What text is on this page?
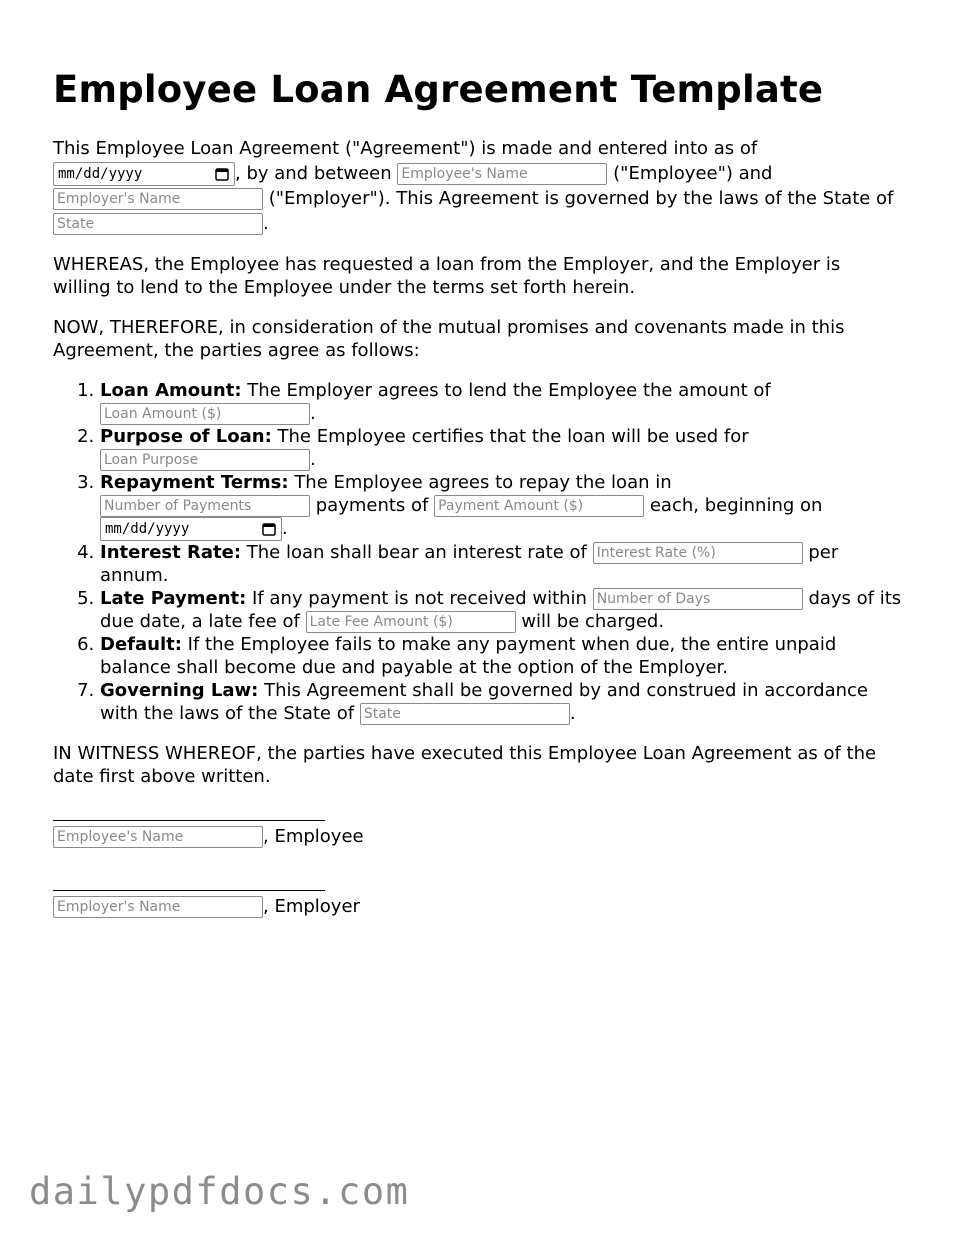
Employee Loan Agreement Template

This Employee Loan Agreement ("Agreement") is made and entered into as of
mm/dd/yyyy	, by and between Employee's Name	("Employee") and
Employer's Name ("Employer"). This Agreement is governed by the laws of the State of State.

WHEREAS, the Employee has requested a loan from the Employer, and the Employer is willing to lend to the Employee under the terms set forth herein.

NOW, THEREFORE, in consideration of the mutual promises and covenants made in this Agreement, the parties agree as follows:

1. Loan Amount: The Employer agrees to lend the Employee the amount of
Loan Amount ($).
2. Purpose of Loan: The Employee certifies that the loan will be used for
Loan Purpose.
3. Repayment Terms: The Employee agrees to repay the loan in
Number of Payments payments of Payment Amount ($)	each, beginning on
mm/dd/yyyy	.
4. Interest Rate: The loan shall bear an interest rate of Interest Rate (%)	per annum.
5. Late Payment: If any payment is not received within Number of Days	days of its due date, a late fee of Late Fee Amount ($)	will be charged.
6. Default: If the Employee fails to make any payment when due, the entire unpaid balance shall become due and payable at the option of the Employer.
7. Governing Law: This Agreement shall be governed by and construed in accordance with the laws of the State of State	.

IN WITNESS WHEREOF, the parties have executed this Employee Loan Agreement as of the date first above written.

Employee's Name, Employee
Employer's Name, Employer
dailypdfdocs.com
